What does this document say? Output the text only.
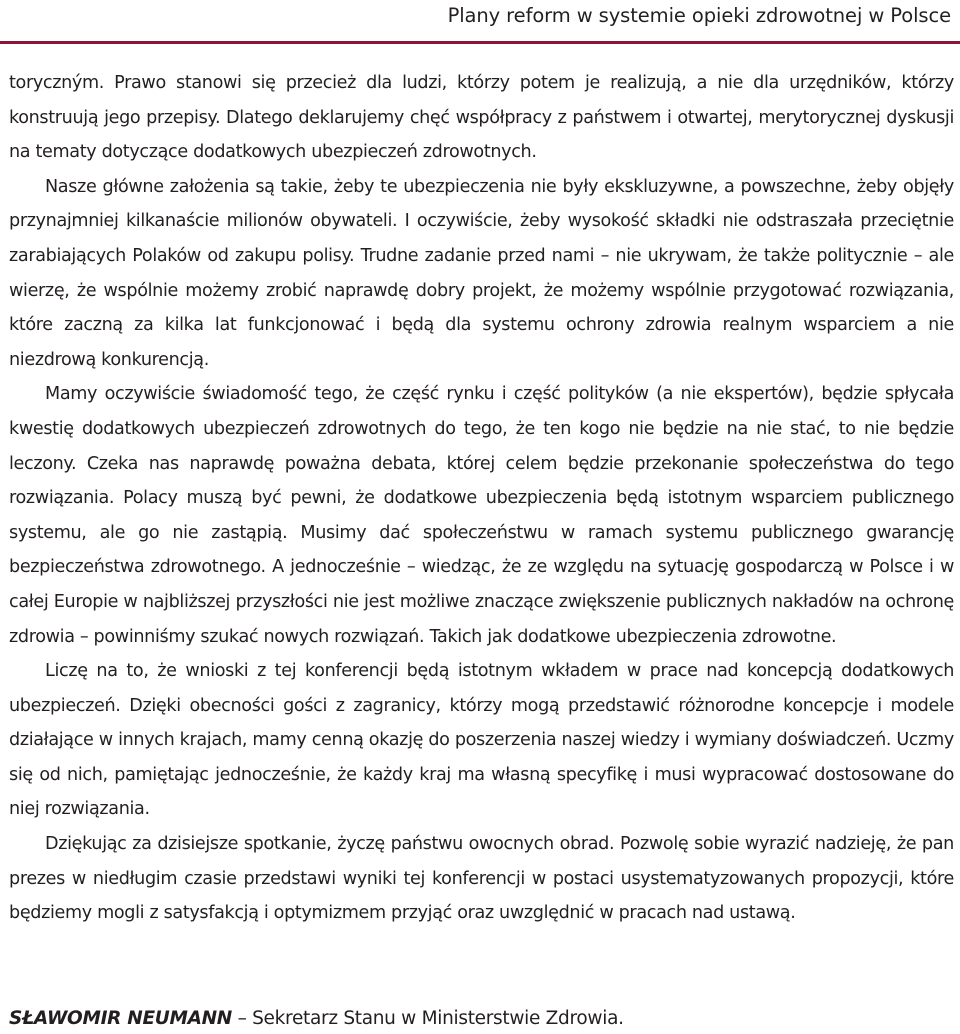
Plany reform w systemie opieki zdrowotnej w Polsce

toryczným. Prawo stanowi się przecież dla ludzi, którzy potem je realizują, a nie dla urzędników, którzy konstruują jego przepisy. Dlatego deklarujemy chęć współpracy z państwem i otwartej, merytorycznej dyskusji na tematy dotyczące dodatkowych ubezpieczeń zdrowotnych.

Nasze główne założenia są takie, żeby te ubezpieczenia nie były ekskluzywne, a powszechne, żeby objęły przynajmniej kilkanaście milionów obywateli. I oczywiście, żeby wysokość składki nie odstraszała przeciętnie zarabiających Polaków od zakupu polisy. Trudne zadanie przed nami – nie ukrywam, że także politycznie – ale wierzę, że wspólnie możemy zrobić naprawdę dobry projekt, że możemy wspólnie przygotować rozwiązania, które zaczną za kilka lat funkcjonować i będą dla systemu ochrony zdrowia realnym wsparciem a nie niezdrową konkurencją.

Mamy oczywiście świadomość tego, że część rynku i część polityków (a nie ekspertów), będzie spłycała kwestię dodatkowych ubezpieczeń zdrowotnych do tego, że ten kogo nie będzie na nie stać, to nie będzie leczony. Czeka nas naprawdę poważna debata, której celem będzie przekonanie społeczeństwa do tego rozwiązania. Polacy muszą być pewni, że dodatkowe ubezpieczenia będą istotnym wsparciem publicznego systemu, ale go nie zastąpią. Musimy dać społeczeństwu w ramach systemu publicznego gwarancję bezpieczeństwa zdrowotnego. A jednocześnie – wiedząc, że ze względu na sytuację gospodarczą w Polsce i w całej Europie w najbliższej przyszłości nie jest możliwe znaczące zwiększenie publicznych nakładów na ochronę zdrowia – powinniśmy szukać nowych rozwiązań. Takich jak dodatkowe ubezpieczenia zdrowotne.

Liczę na to, że wnioski z tej konferencji będą istotnym wkładem w prace nad koncepcją dodatkowych ubezpieczeń. Dzięki obecności gości z zagranicy, którzy mogą przedstawić różnorodne koncepcje i modele działające w innych krajach, mamy cenną okazję do poszerzenia naszej wiedzy i wymiany doświadczeń. Uczmy się od nich, pamiętając jednocześnie, że każdy kraj ma własną specyfikę i musi wypracować dostosowane do niej rozwiązania.

Dziękując za dzisiejsze spotkanie, życzę państwu owocnych obrad. Pozwolę sobie wyrazić nadzieję, że pan prezes w niedługim czasie przedstawi wyniki tej konferencji w postaci usystematyzowanych propozycji, które będziemy mogli z satysfakcją i optymizmem przyjąć oraz uwzględnić w pracach nad ustawą.

SŁAWOMIR NEUMANN – Sekretarz Stanu w Ministerstwie Zdrowia.
